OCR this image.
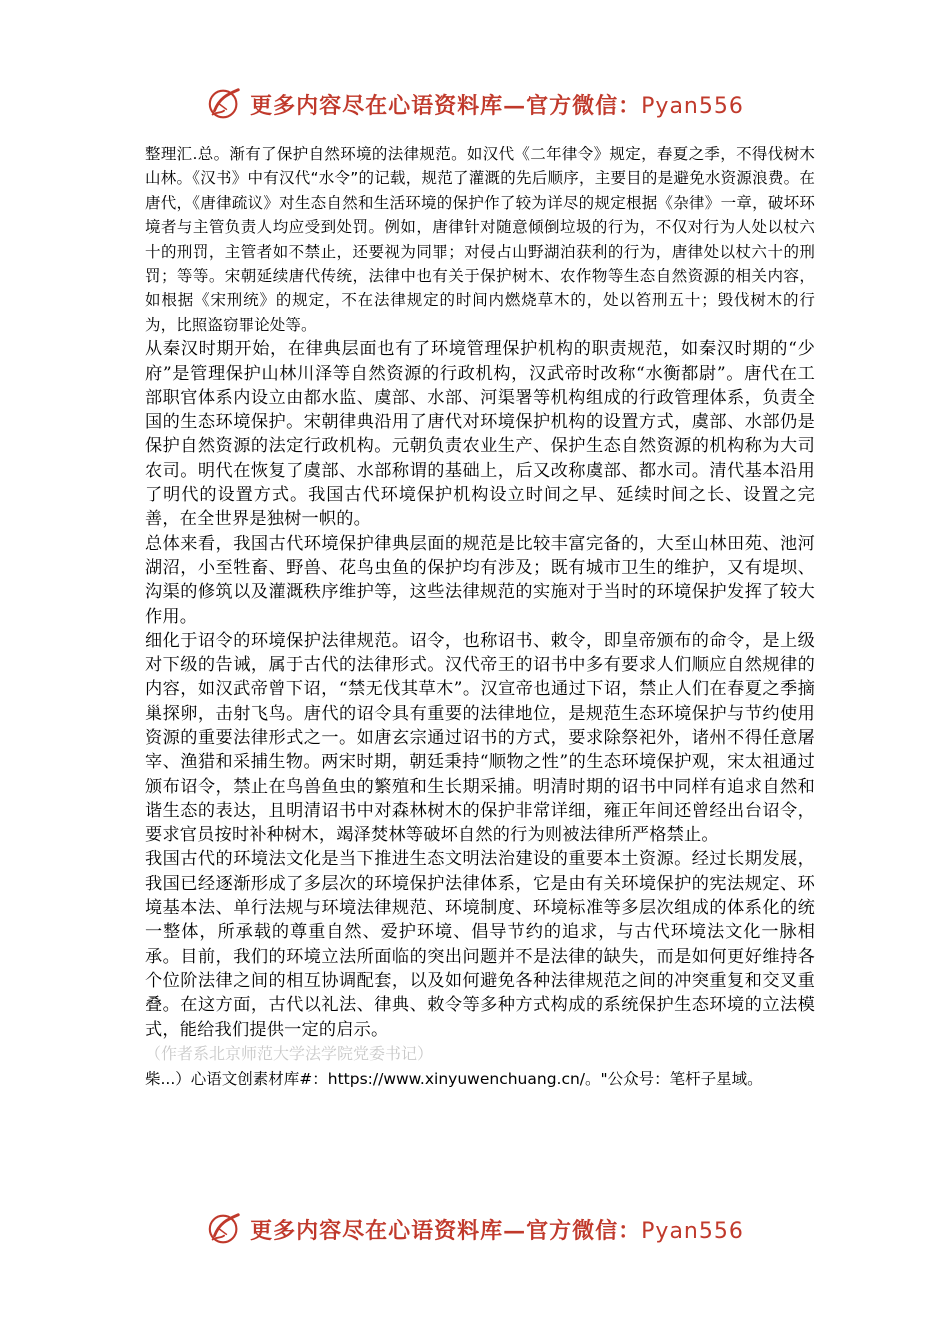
更多内容尽在心语资料库—官方微信：Pyan556

整理汇.总。渐有了保护自然环境的法律规范。如汉代《二年律令》规定，春夏之季，不得伐树木山林。《汉书》中有汉代“水令”的记载，规范了灌溉的先后顺序，主要目的是避免水资源浪费。在唐代，《唐律疏议》对生态自然和生活环境的保护作了较为详尽的规定根据《杂律》一章，破坏环境者与主管负责人均应受到处罚。例如，唐律针对随意倾倒垃圾的行为，不仅对行为人处以杖六十的刑罚，主管者如不禁止，还要视为同罪；对侵占山野湖泊获利的行为，唐律处以杖六十的刑罚；等等。宋朝延续唐代传统，法律中也有关于保护树木、农作物等生态自然资源的相关内容，如根据《宋刑统》的规定，不在法律规定的时间内燃烧草木的，处以笞刑五十；毁伐树木的行为，比照盗窃罪论处等。

从秦汉时期开始，在律典层面也有了环境管理保护机构的职责规范，如秦汉时期的“少府”是管理保护山林川泽等自然资源的行政机构，汉武帝时改称“水衡都尉”。唐代在工部职官体系内设立由都水监、虞部、水部、河渠署等机构组成的行政管理体系，负责全国的生态环境保护。宋朝律典沿用了唐代对环境保护机构的设置方式，虞部、水部仍是保护自然资源的法定行政机构。元朝负责农业生产、保护生态自然资源的机构称为大司农司。明代在恢复了虞部、水部称谓的基础上，后又改称虞部、都水司。清代基本沿用了明代的设置方式。我国古代环境保护机构设立时间之早、延续时间之长、设置之完善，在全世界是独树一帜的。

总体来看，我国古代环境保护律典层面的规范是比较丰富完备的，大至山林田苑、池河湖沼，小至牲畜、野兽、花鸟虫鱼的保护均有涉及；既有城市卫生的维护，又有堤坝、沟渠的修筑以及灌溉秩序维护等，这些法律规范的实施对于当时的环境保护发挥了较大作用。

细化于诏令的环境保护法律规范。诏令，也称诏书、敕令，即皇帝颁布的命令，是上级对下级的告诫，属于古代的法律形式。汉代帝王的诏书中多有要求人们顺应自然规律的内容，如汉武帝曾下诏，“禁无伐其草木”。汉宣帝也通过下诏，禁止人们在春夏之季摘巢探卵，击射飞鸟。唐代的诏令具有重要的法律地位，是规范生态环境保护与节约使用资源的重要法律形式之一。如唐玄宗通过诏书的方式，要求除祭祀外，诸州不得任意屠宰、渔猎和采捕生物。两宋时期，朝廷秉持“顺物之性”的生态环境保护观，宋太祖通过颁布诏令，禁止在鸟兽鱼虫的繁殖和生长期采捕。明清时期的诏书中同样有追求自然和谐生态的表达，且明清诏书中对森林树木的保护非常详细，雍正年间还曾经出台诏令，要求官员按时补种树木，竭泽焚林等破坏自然的行为则被法律所严格禁止。

我国古代的环境法文化是当下推进生态文明法治建设的重要本土资源。经过长期发展，我国已经逐渐形成了多层次的环境保护法律体系，它是由有关环境保护的宪法规定、环境基本法、单行法规与环境法律规范、环境制度、环境标准等多层次组成的体系化的统一整体，所承载的尊重自然、爱护环境、倡导节约的追求，与古代环境法文化一脉相承。目前，我们的环境立法所面临的突出问题并不是法律的缺失，而是如何更好维持各个位阶法律之间的相互协调配套，以及如何避免各种法律规范之间的冲突重复和交叉重叠。在这方面，古代以礼法、律典、敕令等多种方式构成的系统保护生态环境的立法模式，能给我们提供一定的启示。

（作者系北京师范大学法学院党委书记）

柴...）心语文创素材库#：https://www.xinyuwenchuang.cn/。"公众号：笔杆子星域。

更多内容尽在心语资料库—官方微信：Pyan556
